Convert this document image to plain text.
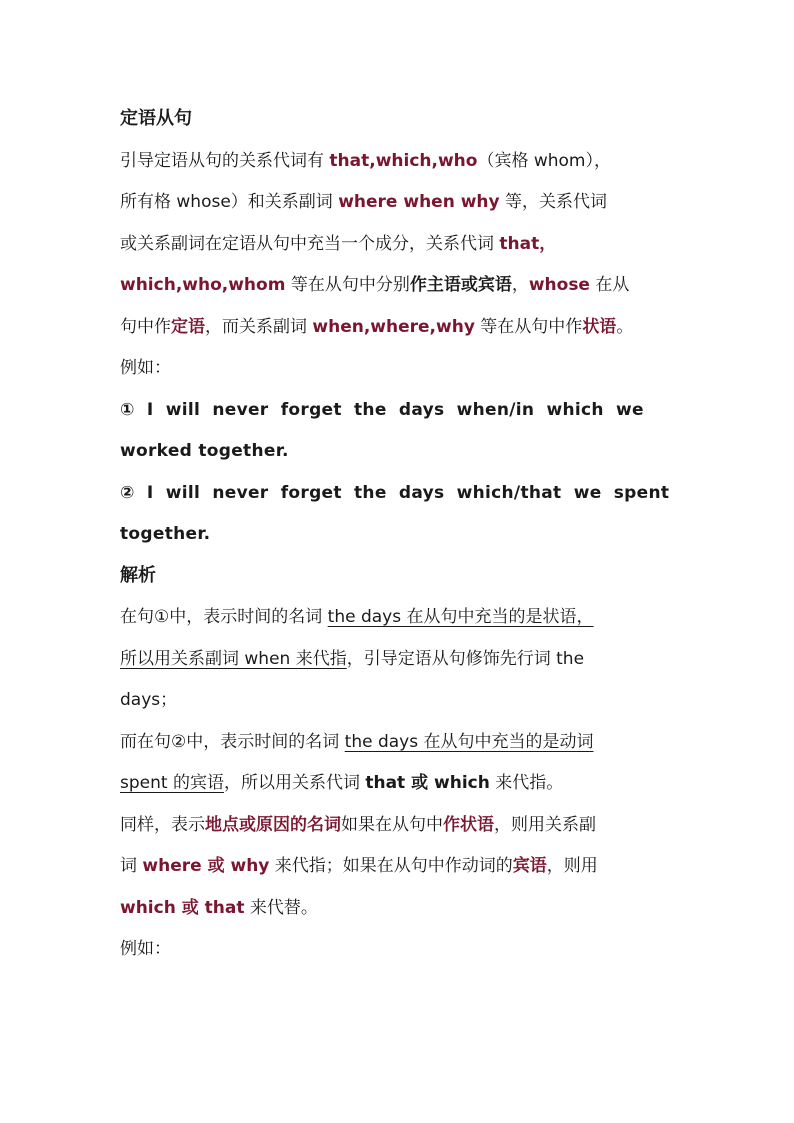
定语从句
引导定语从句的关系代词有 that,which,who（宾格 whom），
所有格 whose）和关系副词 where when why 等，关系代词
或关系副词在定语从句中充当一个成分，关系代词 that，
which,who,whom 等在从句中分别作主语或宾语，whose 在从
句中作定语，而关系副词 when,where,why 等在从句中作状语。
例如：
① I will never forget the days when/in which we
worked together.
② I will never forget the days which/that we spent
together.
解析
在句①中，表示时间的名词 the days 在从句中充当的是状语，
所以用关系副词 when 来代指，引导定语从句修饰先行词 the
days；
而在句②中，表示时间的名词 the days 在从句中充当的是动词
spent 的宾语，所以用关系代词 that 或 which 来代指。
同样，表示地点或原因的名词如果在从句中作状语，则用关系副
词 where 或 why 来代指；如果在从句中作动词的宾语，则用
which 或 that 来代替。
例如：
